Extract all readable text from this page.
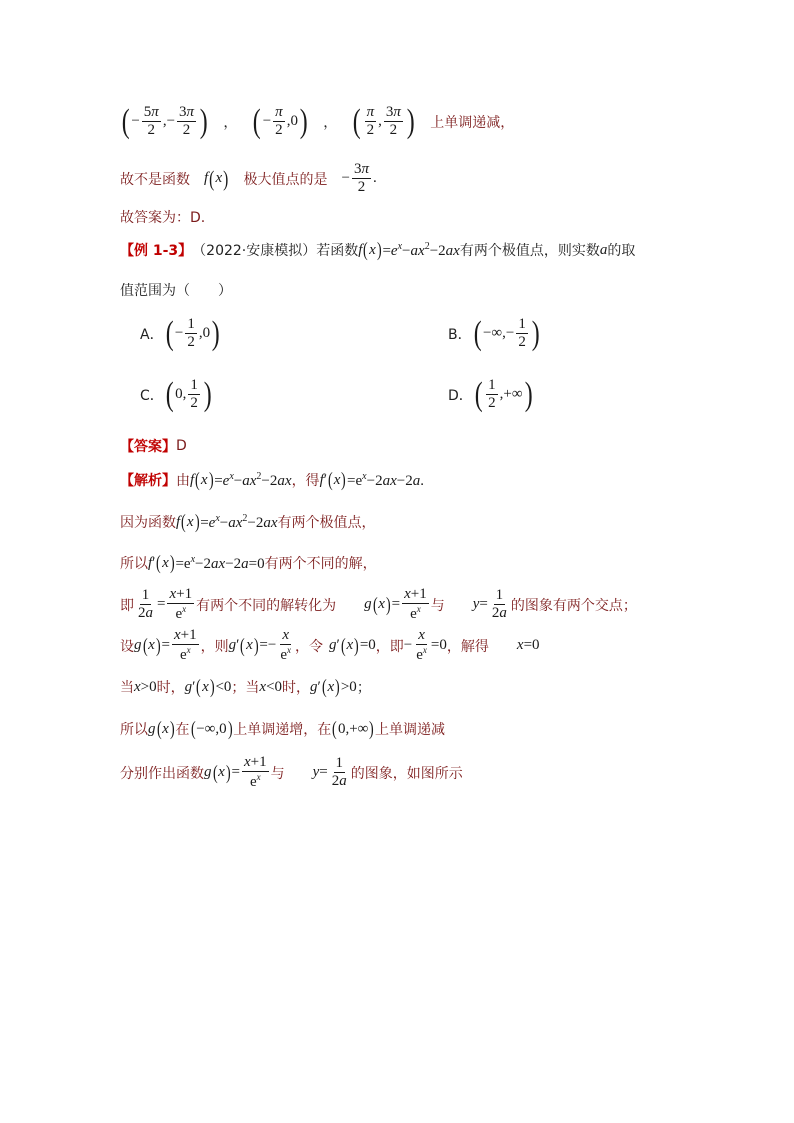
( − $\frac{5\pi}{2}$ ,− $\frac{3\pi}{2}$ ) ， ( − $\frac{\pi}{2} ,0$ ) ， ( $\frac{\pi}{2}$ , $\frac{3\pi}{2}$ ) 上单调递减，
故不是函数 f ( x ) 极大值点的是 − $\frac{3\pi}{2}$ .
故答案为：D.
【例 1-3】 （2022·安康模拟） 若函数 f ( x ) $=e^x-ax^2-2ax$ 有两个极值点，则实数 a 的取
值范围为（　　）
A． ( − $\frac{1}{2} ,0$ )	B． ( −∞,− $\frac{1}{2}$ )
C． ( 0, $\frac{1}{2}$ )	D． ( $\frac{1}{2}$ ,+∞ )
【答案】 D
【解析】 由 f ( x ) $=e^x-ax^2-2ax$ ，得 f ′ ( x ) $=e^x-2ax-2a$.
因为函数 f ( x ) $=e^x-ax^2-2ax$ 有两个极值点，
所以 f ′ ( x ) $=e^x-2ax-2a=0$ 有两个不同的解，
即 $\frac{1}{2a} = \frac{x+1}{e^x}$ 有两个不同的解转化为 g ( x ) = $\frac{x+1}{e^x}$ 与 $y = \frac{1}{2a}$ 的图象有两个交点；
设 g ( x ) = $\frac{x+1}{e^x}$ ，则 g ′ ( x ) =− $\frac{x}{e^x}$ ，令 g ′ ( x ) =0 ，即 − $\frac{x}{e^x} =0$ ，解得 x =0
当 x >0 时， g ′ ( x ) <0 ；当 x <0 时， g ′ ( x ) >0 ；
所以 g ( x ) 在 ( −∞,0 ) 上单调递增，在 ( 0,+∞ ) 上单调递减
分别作出函数 g ( x ) = $\frac{x+1}{e^x}$ 与 $y = \frac{1}{2a}$ 的图象，如图所示
